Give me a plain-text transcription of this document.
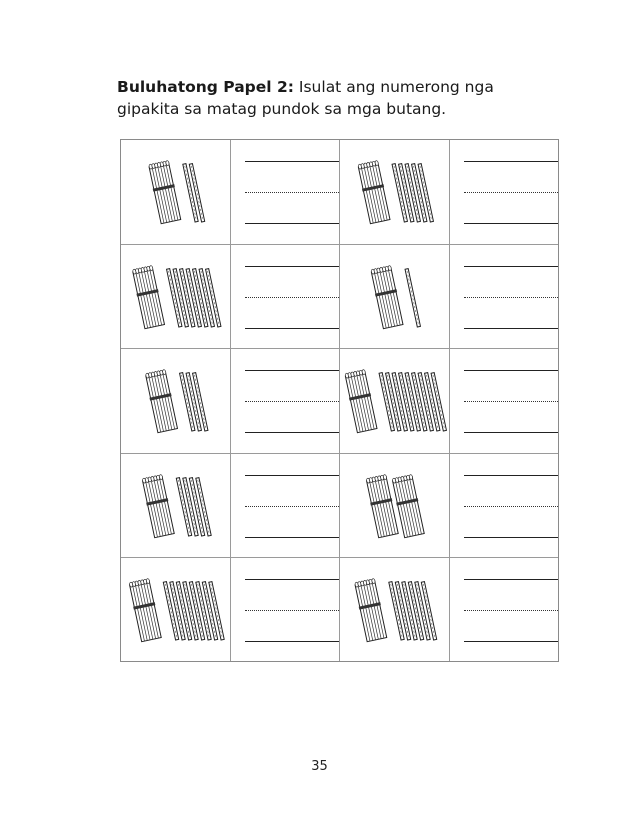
Buluhatong Papel 2: Isulat ang numerong nga gipakita sa matag pundok sa mga butang.

35
